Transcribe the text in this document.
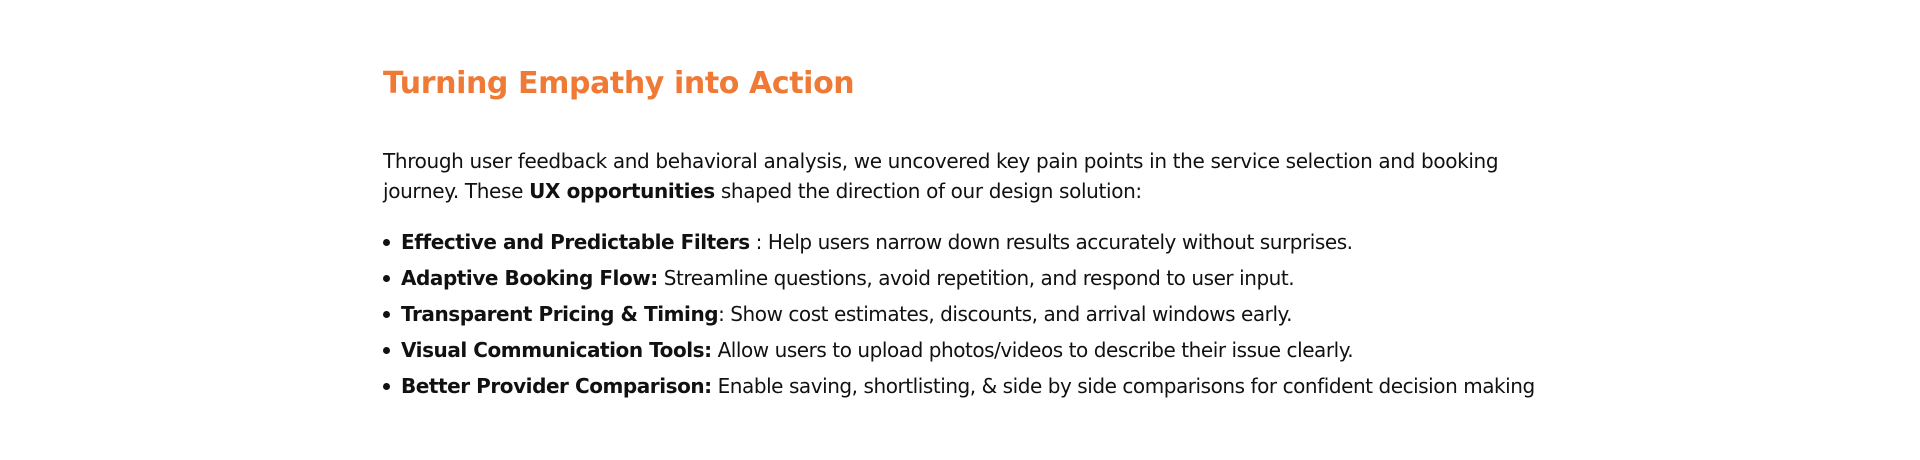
Turning Empathy into Action

Through user feedback and behavioral analysis, we uncovered key pain points in the service selection and booking journey. These UX opportunities shaped the direction of our design solution:

Effective and Predictable Filters : Help users narrow down results accurately without surprises.
Adaptive Booking Flow: Streamline questions, avoid repetition, and respond to user input.
Transparent Pricing & Timing: Show cost estimates, discounts, and arrival windows early.
Visual Communication Tools: Allow users to upload photos/videos to describe their issue clearly.
Better Provider Comparison: Enable saving, shortlisting, & side by side comparisons for confident decision making
